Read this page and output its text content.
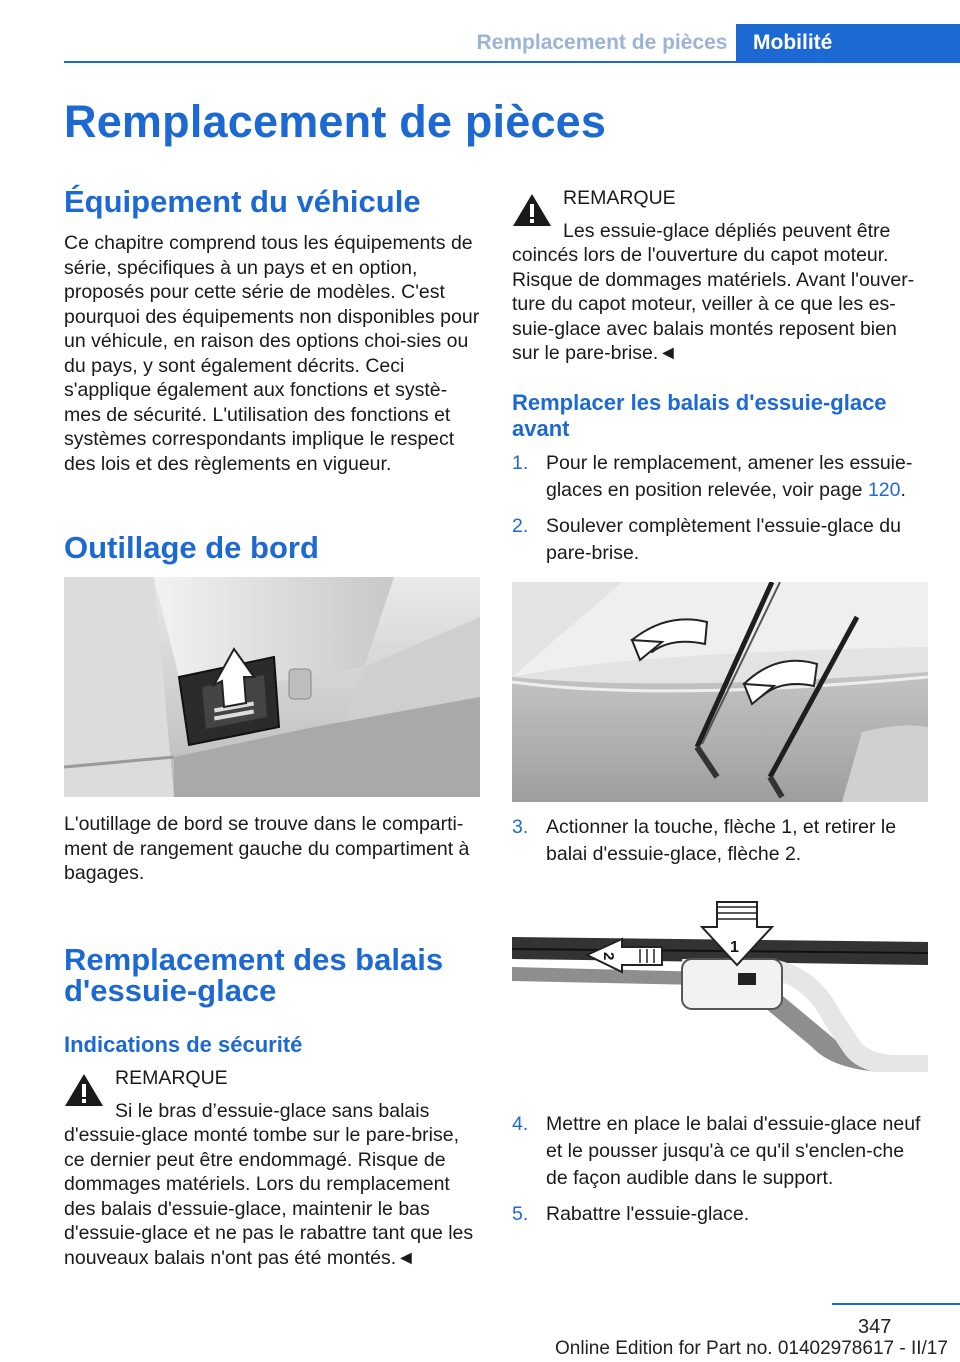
Remplacement de pièces	Mobilité
Remplacement de pièces
Équipement du véhicule

Ce chapitre comprend tous les équipements de série, spécifiques à un pays et en option, proposés pour cette série de modèles. C'est pourquoi des équipements non disponibles pour un véhicule, en raison des options choi-sies ou du pays, y sont également décrits. Ceci s'applique également aux fonctions et systè-mes de sécurité. L'utilisation des fonctions et systèmes correspondants implique le respect des lois et des règlements en vigueur.

Outillage de bord

L'outillage de bord se trouve dans le comparti-ment de rangement gauche du compartiment à bagages.

Remplacement des balais d'essuie-glace
Indications de sécurité
REMARQUE

Si le bras d’essuie-glace sans balais

d'essuie-glace monté tombe sur le pare-brise, ce dernier peut être endommagé. Risque de dommages matériels. Lors du remplacement des balais d'essuie-glace, maintenir le bas d'essuie-glace et ne pas le rabattre tant que les nouveaux balais n'ont pas été montés.◄

REMARQUE

Les essuie-glace dépliés peuvent être

coincés lors de l'ouverture du capot moteur. Risque de dommages matériels. Avant l'ouver-ture du capot moteur, veiller à ce que les es-suie-glace avec balais montés reposent bien sur le pare-brise.◄

Remplacer les balais d'essuie-glace avant
1. Pour le remplacement, amener les essuie-glaces en position relevée, voir page 120.
2. Soulever complètement l'essuie-glace du pare-brise.
3. Actionner la touche, flèche 1, et retirer le balai d'essuie-glace, flèche 2.
1
2
4. Mettre en place le balai d'essuie-glace neuf et le pousser jusqu'à ce qu'il s'enclen-che de façon audible dans le support.
5. Rabattre l'essuie-glace.
347
Online Edition for Part no. 01402978617 - II/17
